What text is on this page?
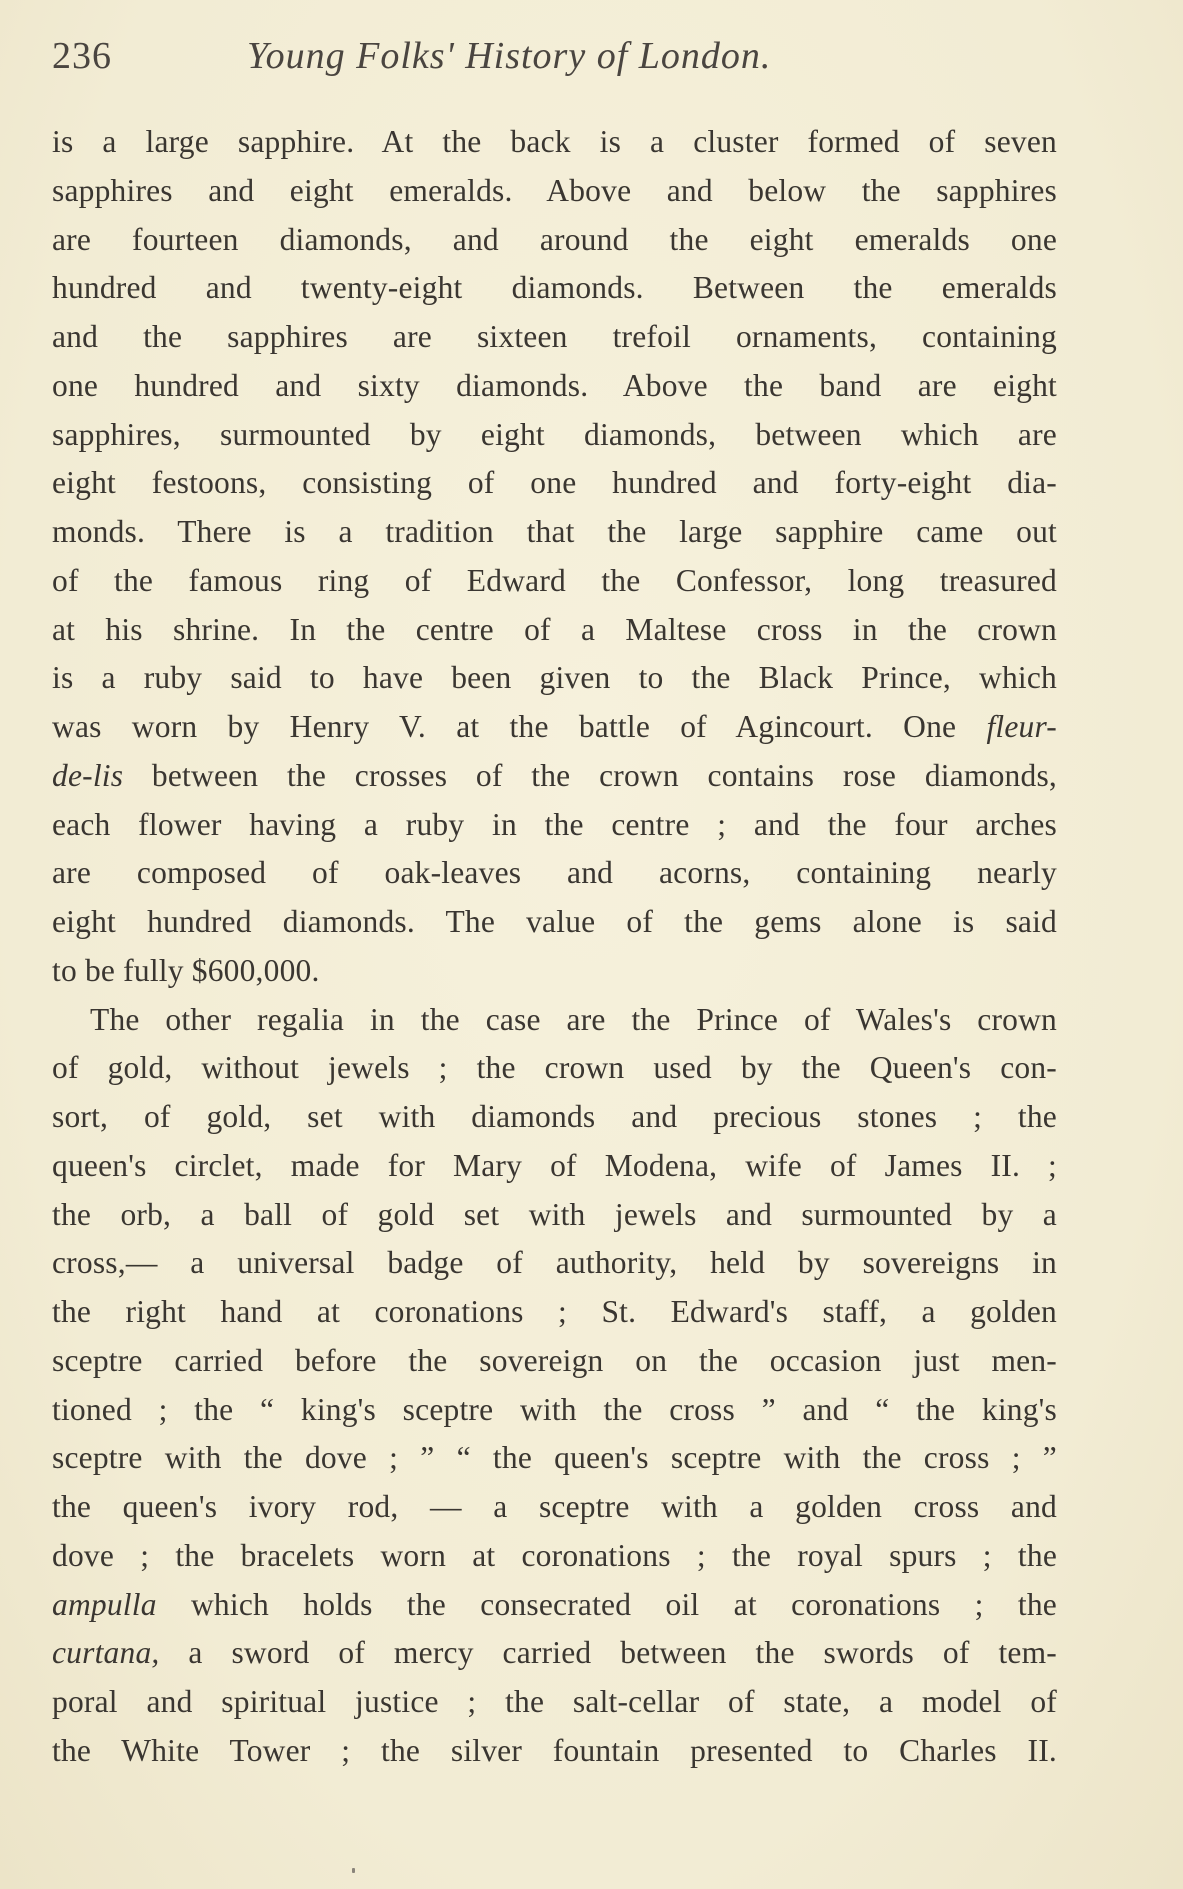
236	Young Folks' History of London.
is a large sapphire. At the back is a cluster formed of seven
sapphires and eight emeralds. Above and below the sapphires
are fourteen diamonds, and around the eight emeralds one
hundred and twenty-eight diamonds. Between the emeralds
and the sapphires are sixteen trefoil ornaments, containing
one hundred and sixty diamonds. Above the band are eight
sapphires, surmounted by eight diamonds, between which are
eight festoons, consisting of one hundred and forty-eight dia-
monds. There is a tradition that the large sapphire came out
of the famous ring of Edward the Confessor, long treasured
at his shrine. In the centre of a Maltese cross in the crown
is a ruby said to have been given to the Black Prince, which
was worn by Henry V. at the battle of Agincourt. One fleur-
de-lis between the crosses of the crown contains rose diamonds,
each flower having a ruby in the centre ; and the four arches
are composed of oak-leaves and acorns, containing nearly
eight hundred diamonds. The value of the gems alone is said
to be fully $600,000.
The other regalia in the case are the Prince of Wales's crown
of gold, without jewels ; the crown used by the Queen's con-
sort, of gold, set with diamonds and precious stones ; the
queen's circlet, made for Mary of Modena, wife of James II. ;
the orb, a ball of gold set with jewels and surmounted by a
cross,— a universal badge of authority, held by sovereigns in
the right hand at coronations ; St. Edward's staff, a golden
sceptre carried before the sovereign on the occasion just men-
tioned ; the “ king's sceptre with the cross ” and “ the king's
sceptre with the dove ; ” “ the queen's sceptre with the cross ; ”
the queen's ivory rod, — a sceptre with a golden cross and
dove ; the bracelets worn at coronations ; the royal spurs ; the
ampulla which holds the consecrated oil at coronations ; the
curtana, a sword of mercy carried between the swords of tem-
poral and spiritual justice ; the salt-cellar of state, a model of
the White Tower ; the silver fountain presented to Charles II.
